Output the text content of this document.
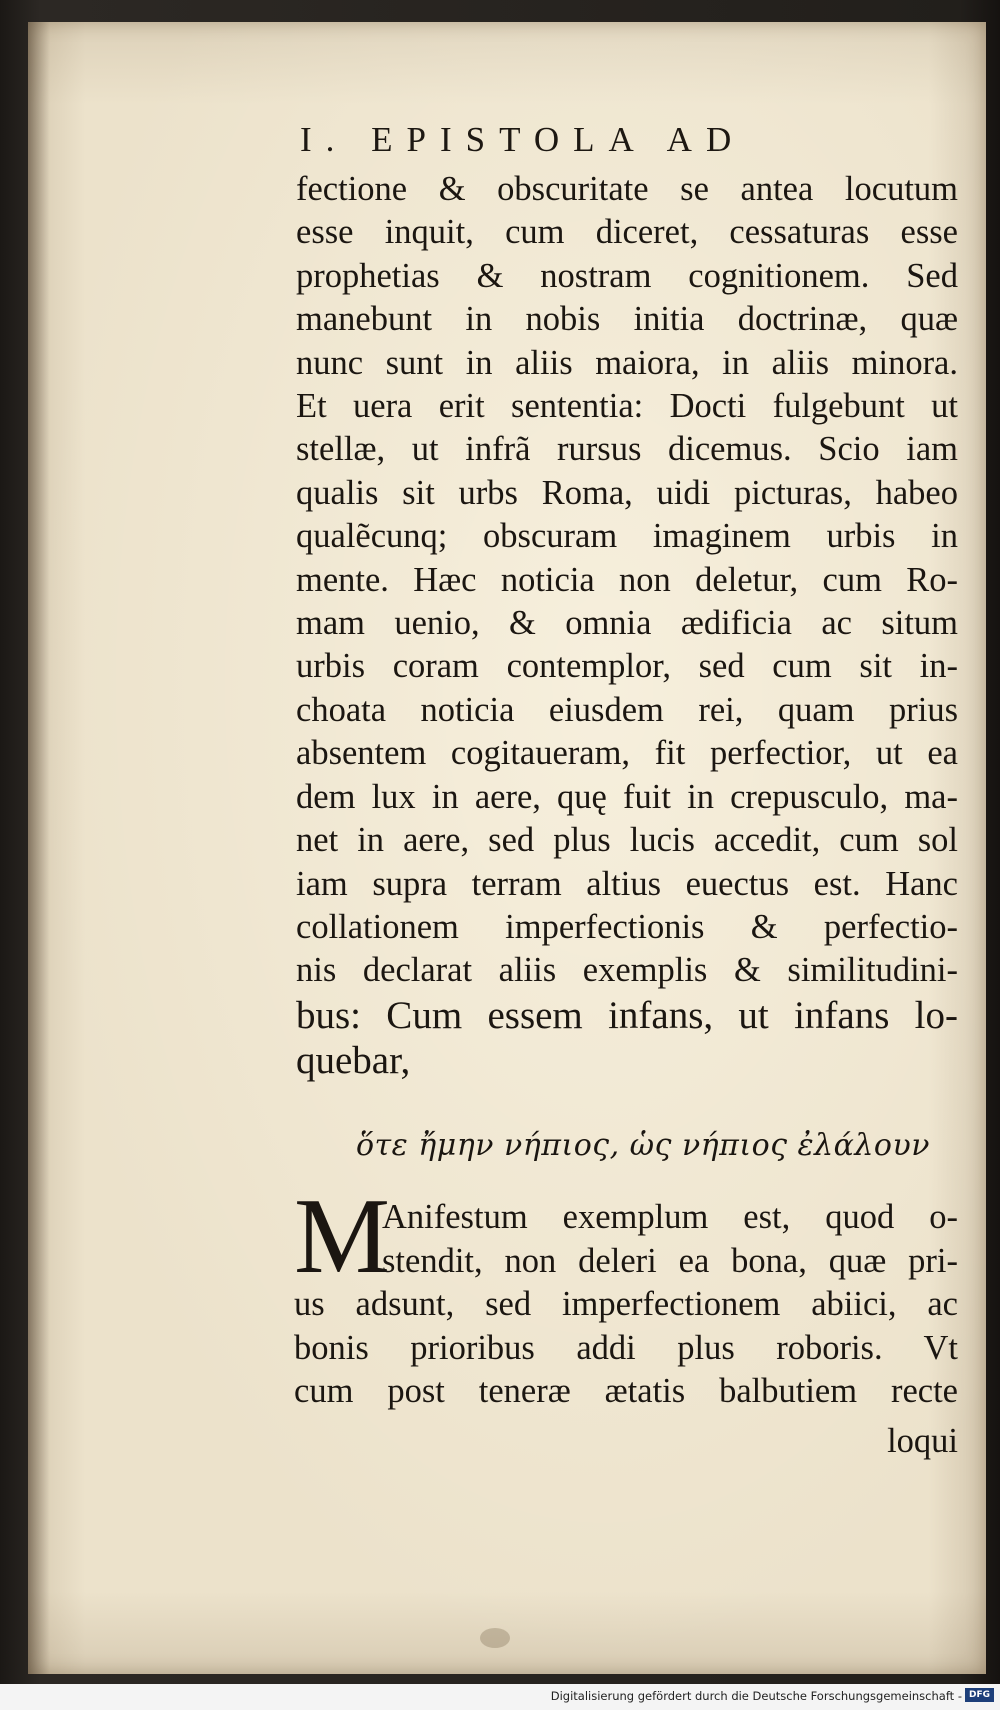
I. EPISTOLA AD
fectione & obscuritate se antea locutum
esse inquit, cum diceret, cessaturas esse
prophetias & nostram cognitionem. Sed
manebunt in nobis initia doctrinæ, quæ
nunc sunt in aliis maiora, in aliis minora.
Et uera erit sententia: Docti fulgebunt ut
stellæ, ut infrã rursus dicemus. Scio iam
qualis sit urbs Roma, uidi picturas, habeo
qualẽcunq; obscuram imaginem urbis in
mente. Hæc noticia non deletur, cum Ro-
mam uenio, & omnia ædificia ac situm
urbis coram contemplor, sed cum sit in-
choata noticia eiusdem rei, quam prius
absentem cogitaueram, fit perfectior, ut ea
dem lux in aere, quę fuit in crepusculo, ma-
net in aere, sed plus lucis accedit, cum sol
iam supra terram altius euectus est. Hanc
collationem imperfectionis & perfectio-
nis declarat aliis exemplis & similitudini-
bus: Cum essem infans, ut infans lo-
quebar,
ὅτε ἤμην νήπιος, ὡς νήπιος ἐλάλουν
M
Anifestum exemplum est, quod o-
stendit, non deleri ea bona, quæ pri-
us adsunt, sed imperfectionem abiici, ac
bonis prioribus addi plus roboris. Vt
cum post teneræ ætatis balbutiem recte
loqui
Digitalisierung gefördert durch die Deutsche Forschungsgemeinschaft - DFG
